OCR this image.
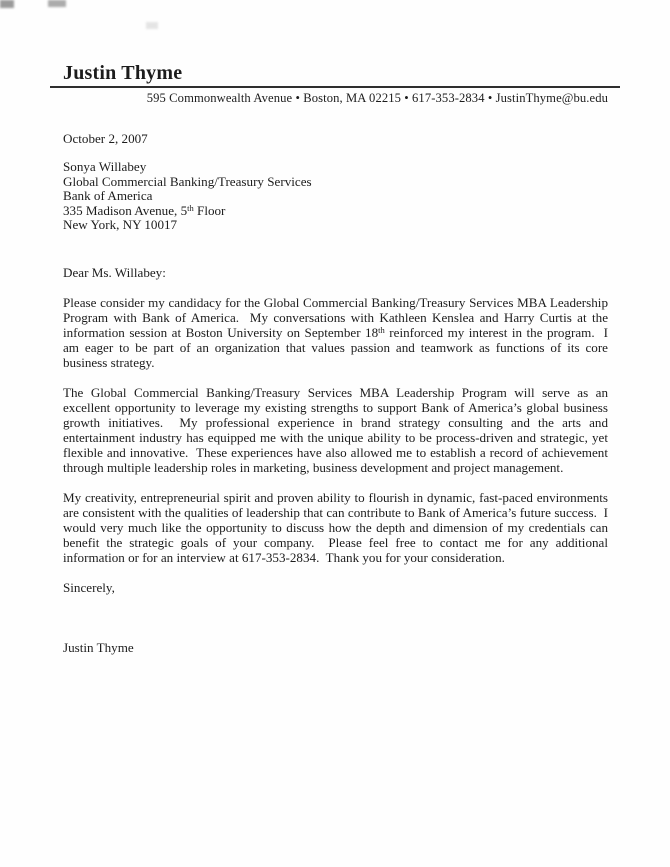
Justin Thyme
595 Commonwealth Avenue • Boston, MA 02215 • 617-353-2834 • JustinThyme@bu.edu

October 2, 2007

Sonya Willabey
Global Commercial Banking/Treasury Services
Bank of America
335 Madison Avenue, 5th Floor
New York, NY 10017

Dear Ms. Willabey:

Please consider my candidacy for the Global Commercial Banking/Treasury Services MBA Leadership Program with Bank of America.  My conversations with Kathleen Kenslea and Harry Curtis at the information session at Boston University on September 18th reinforced my interest in the program.  I am eager to be part of an organization that values passion and teamwork as functions of its core business strategy.

The Global Commercial Banking/Treasury Services MBA Leadership Program will serve as an excellent opportunity to leverage my existing strengths to support Bank of America’s global business growth initiatives.  My professional experience in brand strategy consulting and the arts and entertainment industry has equipped me with the unique ability to be process-driven and strategic, yet flexible and innovative.  These experiences have also allowed me to establish a record of achievement through multiple leadership roles in marketing, business development and project management.

My creativity, entrepreneurial spirit and proven ability to flourish in dynamic, fast-paced environments are consistent with the qualities of leadership that can contribute to Bank of America’s future success.  I would very much like the opportunity to discuss how the depth and dimension of my credentials can benefit the strategic goals of your company.  Please feel free to contact me for any additional information or for an interview at 617-353-2834.  Thank you for your consideration.

Sincerely,

Justin Thyme
